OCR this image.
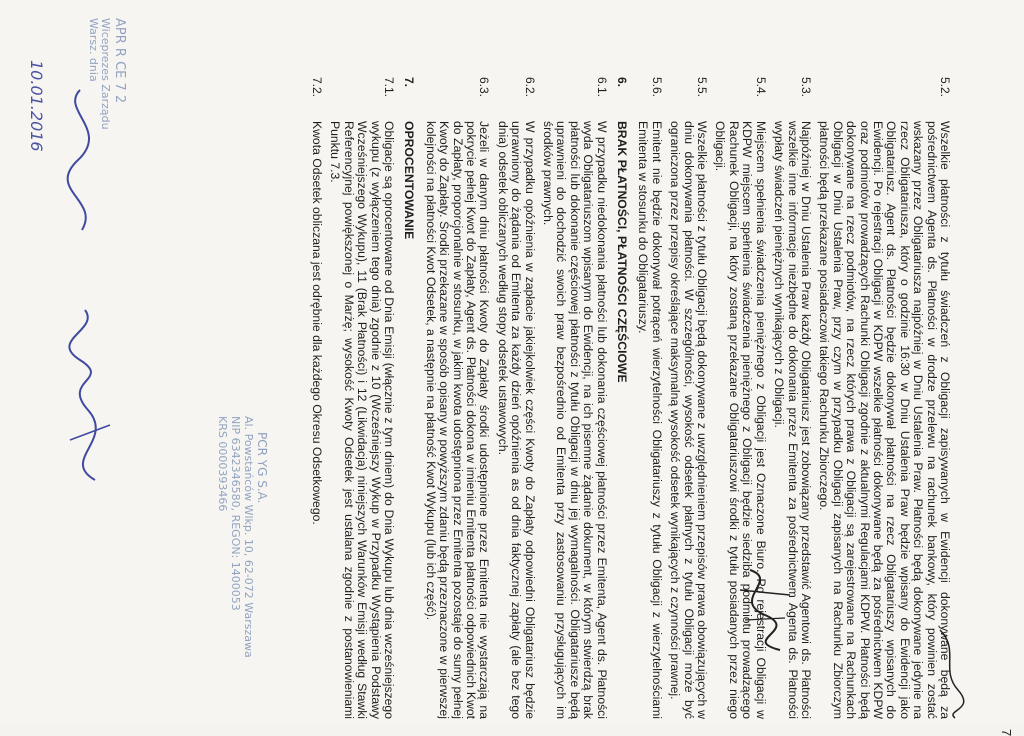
APR R CE 7 2
Wiceprezes Zarządu
Warsz. dnia
10.01.2016
PCR YG S.A.
Al. Powstańców Wlkp. 10, 62-072 Warszawa
NIP 6342346580, REGON: 1400053
KRS 0000393466
7
5.2.
Wszelkie płatności z tytułu świadczeń z Obligacji zapisywanych w Ewidencji dokonywane będą za pośrednictwem Agenta ds. Płatności w drodze przelewu na rachunek bankowy, który powinien zostać wskazany przez Obligatariusza najpóźniej w Dniu Ustalenia Praw. Płatności będą dokonywane jedynie na rzecz Obligatariusza, który o godzinie 16:30 w Dniu Ustalenia Praw będzie wpisany do Ewidencji jako Obligatariusz. Agent ds. Płatności będzie dokonywał płatności na rzecz Obligatariuszy wpisanych do Ewidencji. Po rejestracji Obligacji w KDPW wszelkie płatności dokonywane będą za pośrednictwem KDPW oraz podmiotów prowadzących Rachunki Obligacji zgodnie z aktualnymi Regulacjami KDPW. Płatności będą dokonywane na rzecz podmiotów, na rzecz których prawa z Obligacji są zarejestrowane na Rachunkach Obligacji w Dniu Ustalenia Praw, przy czym w przypadku Obligacji zapisanych na Rachunku Zbiorczym płatności będą przekazane posiadaczowi takiego Rachunku Zbiorczego.
5.3.
Najpóźniej w Dniu Ustalenia Praw każdy Obligatariusz jest zobowiązany przedstawić Agentowi ds. Płatności wszelkie inne informacje niezbędne do dokonania przez Emitenta za pośrednictwem Agenta ds. Płatności wypłaty świadczeń pieniężnych wynikających z Obligacji.
5.4.
Miejscem spełnienia świadczenia pieniężnego z Obligacji jest Oznaczone Biuro. Po rejestracji Obligacji w KDPW miejscem spełnienia świadczenia pieniężnego z Obligacji będzie siedziba podmiotu prowadzącego Rachunek Obligacji, na który zostaną przekazane Obligatariuszowi środki z tytułu posiadanych przez niego Obligacji.
5.5.
Wszelkie płatności z tytułu Obligacji będą dokonywane z uwzględnieniem przepisów prawa obowiązujących w dniu dokonywania płatności. W szczególności, wysokość odsetek płatnych z tytułu Obligacji może być ograniczona przez przepisy określające maksymalną wysokość odsetek wynikających z czynności prawnej.
5.6.
Emitent nie będzie dokonywał potrąceń wierzytelności Obligatariuszy z tytułu Obligacji z wierzytelnościami Emitenta w stosunku do Obligatariuszy.
6.
BRAK PŁATNOŚCI, PŁATNOŚCI CZĘŚCIOWE
6.1.
W przypadku niedokonania płatności lub dokonania częściowej płatności przez Emitenta, Agent ds. Płatności wyda Obligatariuszom wpisanym do Ewidencji, na ich pisemne żądanie dokument, w którym stwierdzą brak płatności lub dokonanie częściowej płatności z tytułu Obligacji w dniu jej wymagalności. Obligatariusze będą uprawnieni do dochodzić swoich praw bezpośrednio od Emitenta przy zastosowaniu przysługujących im środków prawnych.
6.2.
W przypadku opóźnienia w zapłacie jakiejkolwiek części Kwoty do Zapłaty odpowiedni Obligatariusz będzie uprawniony do żądania od Emitenta za każdy dzień opóźnienia as od dnia faktycznej zapłaty (ale bez tego dnia) odsetek obliczanych według stopy odsetek ustawowych.
6.3.
Jeżeli w danym dniu płatności Kwoty do Zapłaty środki udostępnione przez Emitenta nie wystarczają na pokrycie pełnej Kwot do Zapłaty, Agent ds. Płatności dokona w imieniu Emitenta płatności odpowiednich Kwot do Zapłaty, proporcjonalnie w stosunku, w jakim kwota udostępniona przez Emitenta pozostaje do sumy pełnej Kwoty do Zapłaty. Środki przekazane w sposób opisany w powyższym zdaniu będą przeznaczone w pierwszej kolejności na płatności Kwot Odsetek, a następnie na płatność Kwot Wykupu (lub ich część).
7.
OPROCENTOWANIE
7.1.
Obligacje są oprocentowane od Dnia Emisji (włącznie z tym dniem) do Dnia Wykupu lub dnia wcześniejszego wykupu (z wyłączeniem tego dnia) zgodnie z 10 (Wcześniejszy Wykup w Przypadku Wystąpienia Podstawy Wcześniejszego Wykupu), 11 (Brak Płatności) i 12 (Likwidacja) niniejszych Warunków Emisji według Stawki Referencyjnej powiększonej o Marżę; wysokość Kwoty Odsetek jest ustalana zgodnie z postanowieniami Punktu 7.3.
7.2.
Kwota Odsetek obliczana jest odrębnie dla każdego Okresu Odsetkowego.
